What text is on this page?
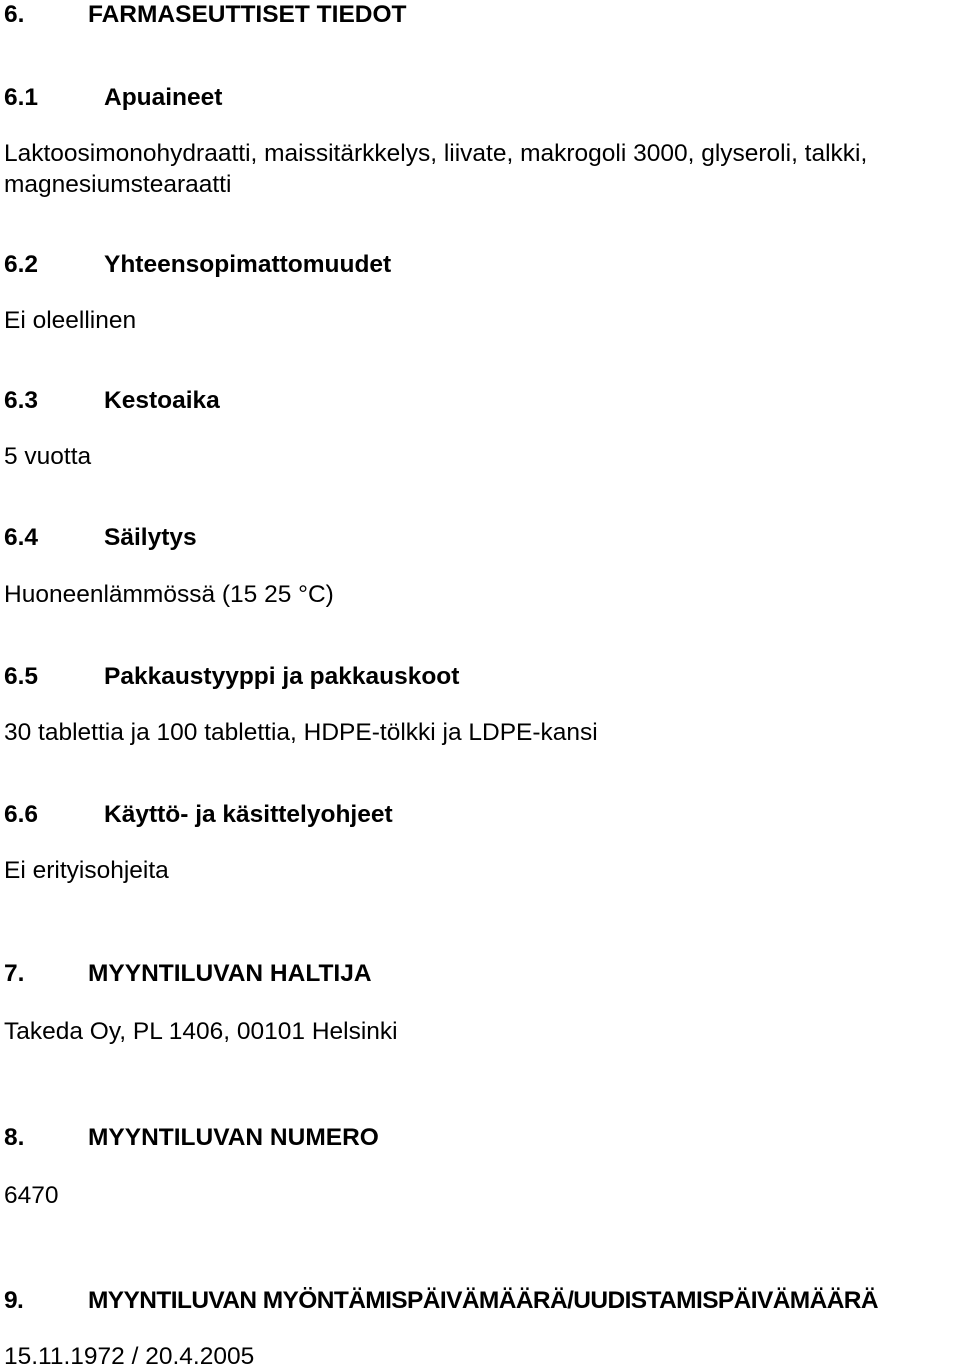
6.	FARMASEUTTISET TIEDOT
6.1	Apuaineet
Laktoosimonohydraatti, maissitärkkelys, liivate, makrogoli 3000, glyseroli, talkki,
magnesiumstearaatti
6.2	Yhteensopimattomuudet
Ei oleellinen
6.3	Kestoaika
5 vuotta
6.4	Säilytys
Huoneenlämmössä (15 25 °C)
6.5	Pakkaustyyppi ja pakkauskoot
30 tablettia ja 100 tablettia, HDPE-tölkki ja LDPE-kansi
6.6	Käyttö- ja käsittelyohjeet
Ei erityisohjeita
7.	MYYNTILUVAN HALTIJA
Takeda Oy, PL 1406, 00101 Helsinki
8.	MYYNTILUVAN NUMERO
6470
9.	MYYNTILUVAN MYÖNTÄMISPÄIVÄMÄÄRÄ/UUDISTAMISPÄIVÄMÄÄRÄ
15.11.1972 / 20.4.2005
